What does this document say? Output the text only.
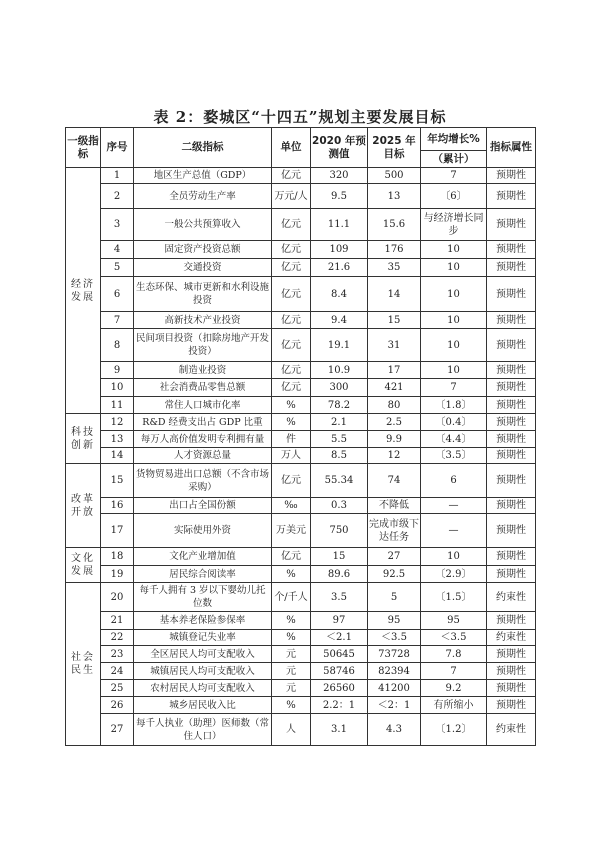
表 2：婺城区“十四五”规划主要发展目标
一级指标	序号	二级指标	单位	2020 年预测值	2025 年目标	年均增长%	指标属性
						（累计）	
经济发展	1	地区生产总值（GDP）	亿元	320	500	7	预期性
	2	全员劳动生产率	万元/人	9.5	13	〔6〕	预期性
	3	一般公共预算收入	亿元	11.1	15.6	与经济增长同步	预期性
	4	固定资产投资总额	亿元	109	176	10	预期性
	5	交通投资	亿元	21.6	35	10	预期性
	6	生态环保、城市更新和水利设施投资	亿元	8.4	14	10	预期性
	7	高新技术产业投资	亿元	9.4	15	10	预期性
	8	民间项目投资（扣除房地产开发投资）	亿元	19.1	31	10	预期性
	9	制造业投资	亿元	10.9	17	10	预期性
	10	社会消费品零售总额	亿元	300	421	7	预期性
	11	常住人口城市化率	%	78.2	80	〔1.8〕	预期性
科技创新	12	R&D 经费支出占 GDP 比重	%	2.1	2.5	〔0.4〕	预期性
	13	每万人高价值发明专利拥有量	件	5.5	9.9	〔4.4〕	预期性
	14	人才资源总量	万人	8.5	12	〔3.5〕	预期性
改革开放	15	货物贸易进出口总额（不含市场采购）	亿元	55.34	74	6	预期性
	16	出口占全国份额	‰	0.3	不降低	—	预期性
	17	实际使用外资	万美元	750	完成市级下达任务	—	预期性
文化发展	18	文化产业增加值	亿元	15	27	10	预期性
	19	居民综合阅读率	%	89.6	92.5	〔2.9〕	预期性
社会民生	20	每千人拥有 3 岁以下婴幼儿托位数	个/千人	3.5	5	〔1.5〕	约束性
	21	基本养老保险参保率	%	97	95	95	预期性
	22	城镇登记失业率	%	＜2.1	＜3.5	＜3.5	约束性
	23	全区居民人均可支配收入	元	50645	73728	7.8	预期性
	24	城镇居民人均可支配收入	元	58746	82394	7	预期性
	25	农村居民人均可支配收入	元	26560	41200	9.2	预期性
	26	城乡居民收入比	%	2.2：1	＜2：1	有所缩小	预期性
	27	每千人执业（助理）医师数（常住人口）	人	3.1	4.3	〔1.2〕	约束性
